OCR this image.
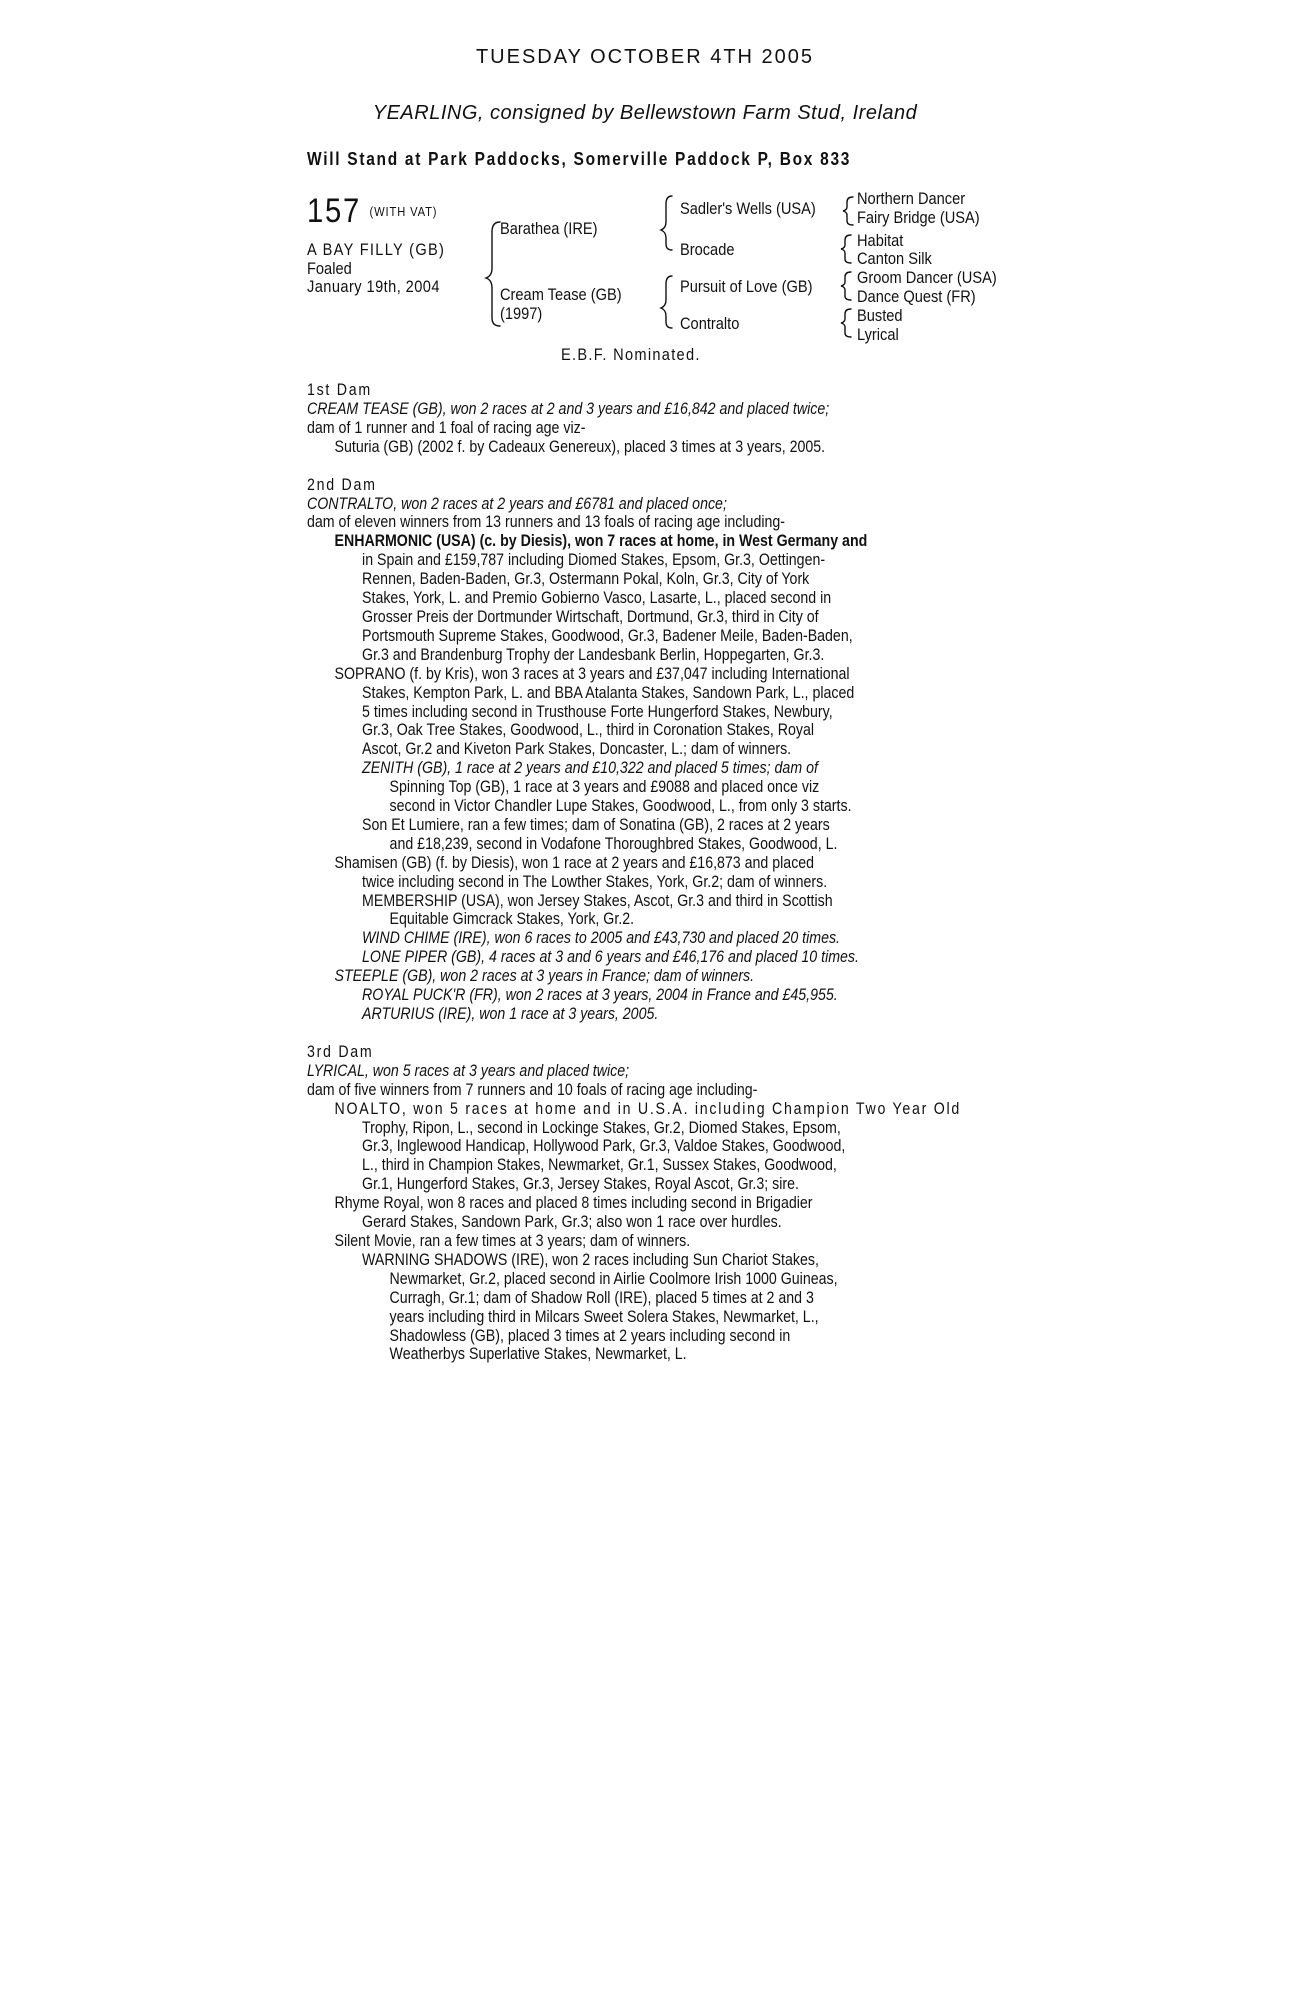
TUESDAY OCTOBER 4TH 2005
YEARLING, consigned by Bellewstown Farm Stud, Ireland
Will Stand at Park Paddocks, Somerville Paddock P, Box 833
157 (WITH VAT)
A BAY FILLY (GB)
Foaled
January 19th, 2004
Barathea (IRE)
Cream Tease (GB)
(1997)
Sadler's Wells (USA)
Brocade
Pursuit of Love (GB)
Contralto
Northern Dancer
Fairy Bridge (USA)
Habitat
Canton Silk
Groom Dancer (USA)
Dance Quest (FR)
Busted
Lyrical
E.B.F. Nominated.

1st Dam

CREAM TEASE (GB), won 2 races at 2 and 3 years and £16,842 and placed twice;

dam of 1 runner and 1 foal of racing age viz-

Suturia (GB) (2002 f. by Cadeaux Genereux), placed 3 times at 3 years, 2005.

2nd Dam

CONTRALTO, won 2 races at 2 years and £6781 and placed once;

dam of eleven winners from 13 runners and 13 foals of racing age including-

ENHARMONIC (USA) (c. by Diesis), won 7 races at home, in West Germany and

in Spain and £159,787 including Diomed Stakes, Epsom, Gr.3, Oettingen-

Rennen, Baden-Baden, Gr.3, Ostermann Pokal, Koln, Gr.3, City of York

Stakes, York, L. and Premio Gobierno Vasco, Lasarte, L., placed second in

Grosser Preis der Dortmunder Wirtschaft, Dortmund, Gr.3, third in City of

Portsmouth Supreme Stakes, Goodwood, Gr.3, Badener Meile, Baden-Baden,

Gr.3 and Brandenburg Trophy der Landesbank Berlin, Hoppegarten, Gr.3.

SOPRANO (f. by Kris), won 3 races at 3 years and £37,047 including International

Stakes, Kempton Park, L. and BBA Atalanta Stakes, Sandown Park, L., placed

5 times including second in Trusthouse Forte Hungerford Stakes, Newbury,

Gr.3, Oak Tree Stakes, Goodwood, L., third in Coronation Stakes, Royal

Ascot, Gr.2 and Kiveton Park Stakes, Doncaster, L.; dam of winners.

ZENITH (GB), 1 race at 2 years and £10,322 and placed 5 times; dam of

Spinning Top (GB), 1 race at 3 years and £9088 and placed once viz

second in Victor Chandler Lupe Stakes, Goodwood, L., from only 3 starts.

Son Et Lumiere, ran a few times; dam of Sonatina (GB), 2 races at 2 years

and £18,239, second in Vodafone Thoroughbred Stakes, Goodwood, L.

Shamisen (GB) (f. by Diesis), won 1 race at 2 years and £16,873 and placed

twice including second in The Lowther Stakes, York, Gr.2; dam of winners.

MEMBERSHIP (USA), won Jersey Stakes, Ascot, Gr.3 and third in Scottish

Equitable Gimcrack Stakes, York, Gr.2.

WIND CHIME (IRE), won 6 races to 2005 and £43,730 and placed 20 times.

LONE PIPER (GB), 4 races at 3 and 6 years and £46,176 and placed 10 times.

STEEPLE (GB), won 2 races at 3 years in France; dam of winners.

ROYAL PUCK'R (FR), won 2 races at 3 years, 2004 in France and £45,955.

ARTURIUS (IRE), won 1 race at 3 years, 2005.

3rd Dam

LYRICAL, won 5 races at 3 years and placed twice;

dam of five winners from 7 runners and 10 foals of racing age including-

NOALTO, won 5 races at home and in U.S.A. including Champion Two Year Old

Trophy, Ripon, L., second in Lockinge Stakes, Gr.2, Diomed Stakes, Epsom,

Gr.3, Inglewood Handicap, Hollywood Park, Gr.3, Valdoe Stakes, Goodwood,

L., third in Champion Stakes, Newmarket, Gr.1, Sussex Stakes, Goodwood,

Gr.1, Hungerford Stakes, Gr.3, Jersey Stakes, Royal Ascot, Gr.3; sire.

Rhyme Royal, won 8 races and placed 8 times including second in Brigadier

Gerard Stakes, Sandown Park, Gr.3; also won 1 race over hurdles.

Silent Movie, ran a few times at 3 years; dam of winners.

WARNING SHADOWS (IRE), won 2 races including Sun Chariot Stakes,

Newmarket, Gr.2, placed second in Airlie Coolmore Irish 1000 Guineas,

Curragh, Gr.1; dam of Shadow Roll (IRE), placed 5 times at 2 and 3

years including third in Milcars Sweet Solera Stakes, Newmarket, L.,

Shadowless (GB), placed 3 times at 2 years including second in

Weatherbys Superlative Stakes, Newmarket, L.
